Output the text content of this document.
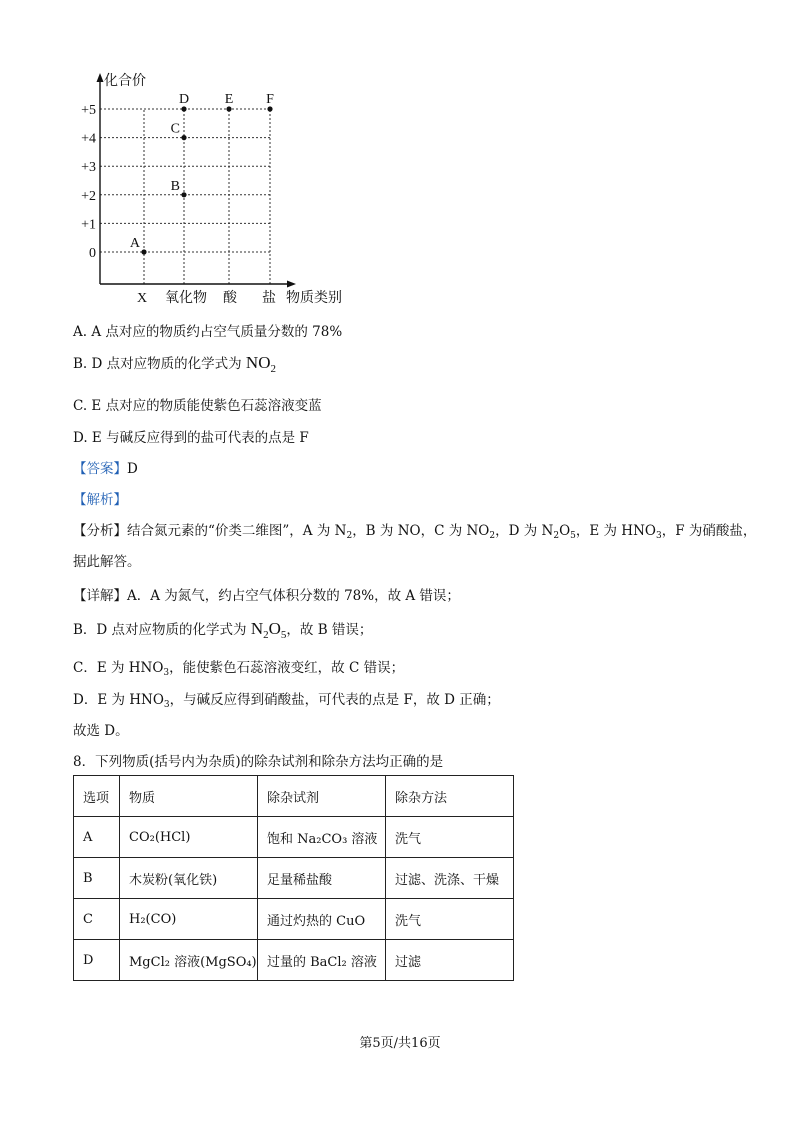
化合价
物质类别
+5
+4
+3
+2
+1
0
X 氧化物 酸 盐
A
B
C
D	E F
A. A 点对应的物质约占空气质量分数的 78%
B. D 点对应物质的化学式为 $NO_2$
C. E 点对应的物质能使紫色石蕊溶液变蓝
D. E 与碱反应得到的盐可代表的点是 F
【答案】D
【解析】
【分析】结合氮元素的“价类二维图”，A 为 $N_2$，B 为 NO，C 为 $NO_2$，D 为 $N_2O_5$，E 为 $HNO_3$，F 为硝酸盐，
据此解答。
【详解】A．A 为氮气，约占空气体积分数的 78%，故 A 错误；
B．D 点对应物质的化学式为 $N_2O_5$，故 B 错误；
C．E 为 $HNO_3$，能使紫色石蕊溶液变红，故 C 错误；
D．E 为 $HNO_3$，与碱反应得到硝酸盐，可代表的点是 F，故 D 正确；
故选 D。
8．下列物质(括号内为杂质)的除杂试剂和除杂方法均正确的是
选项	物质	除杂试剂	除杂方法
A	CO₂(HCl)	饱和 Na₂CO₃ 溶液	洗气
B	木炭粉(氧化铁)	足量稀盐酸	过滤、洗涤、干燥
C	H₂(CO)	通过灼热的 CuO	洗气
D	MgCl₂ 溶液(MgSO₄)	过量的 BaCl₂ 溶液	过滤
第5页/共16页
